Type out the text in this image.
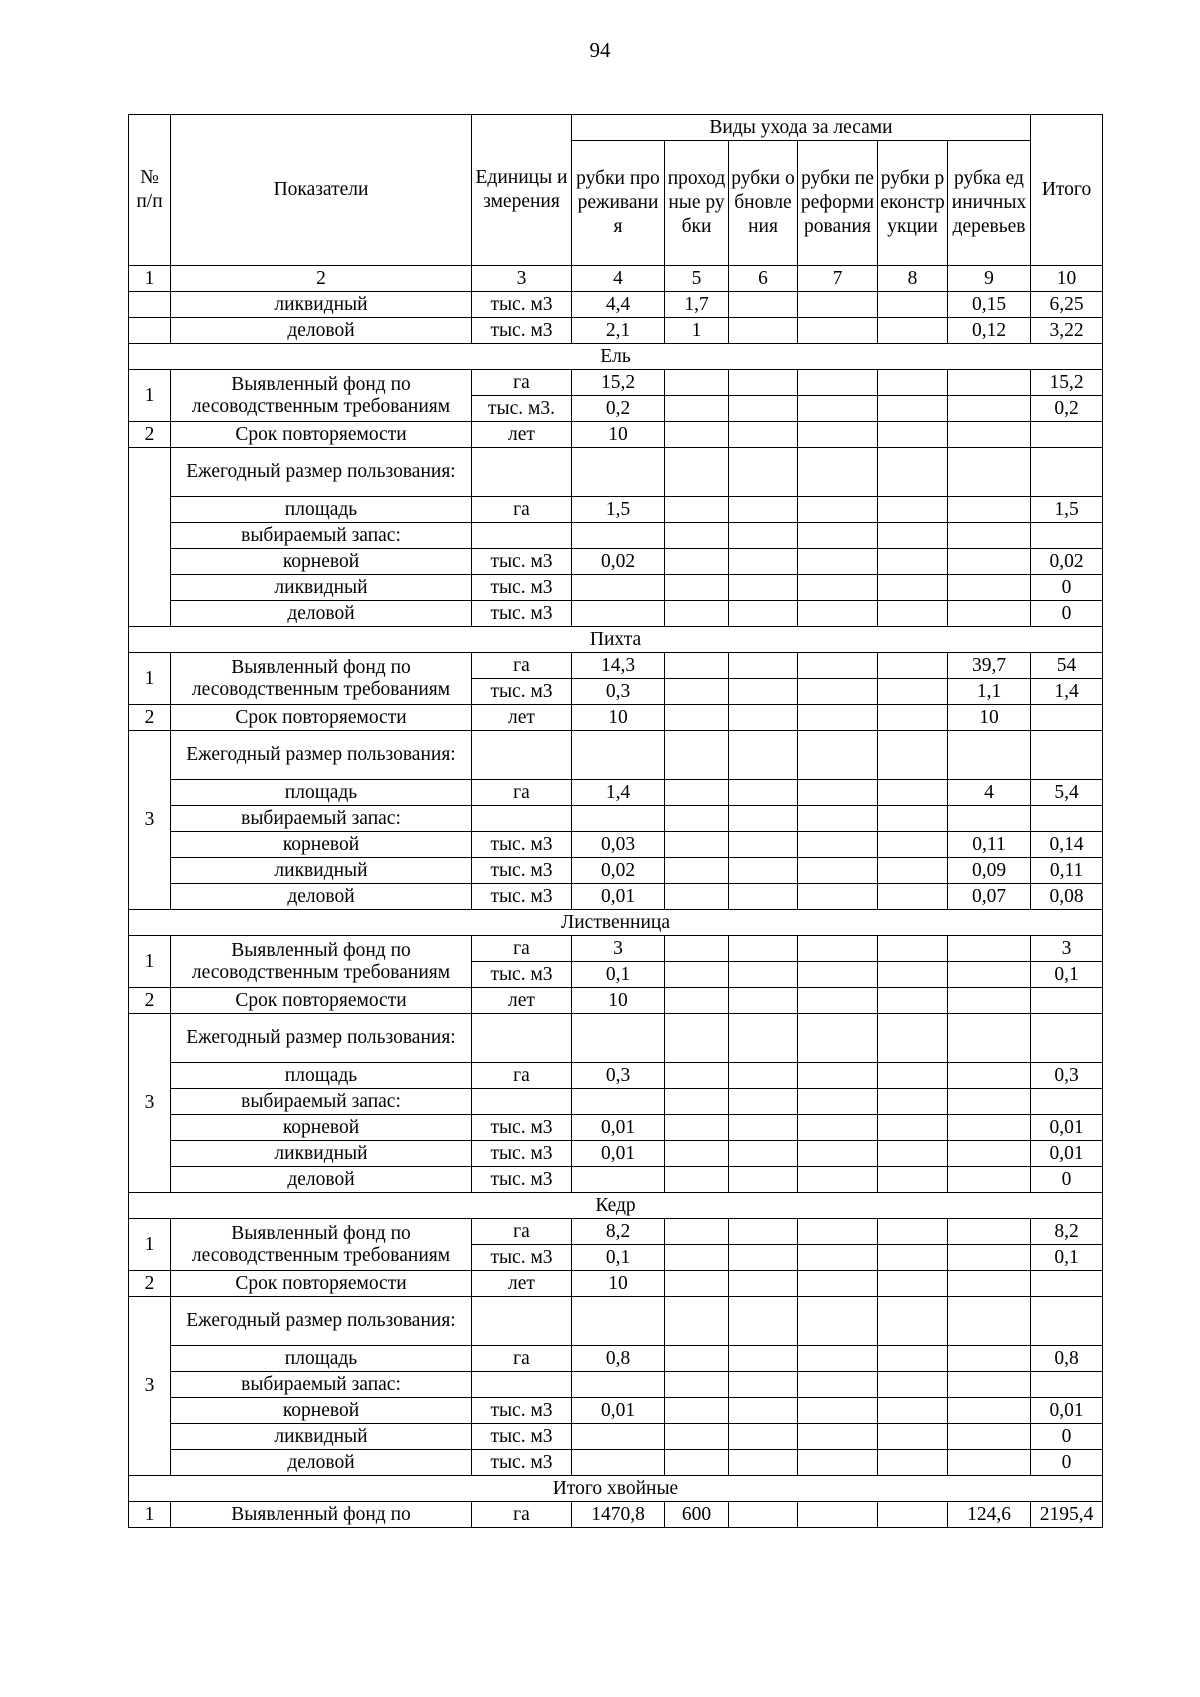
94
№ п/п	Показатели	Единицы измерения	Виды ухода за лесами						Итого
			рубки прореживания	проходные рубки	рубки обновления	рубки переформирования	рубки реконструкции	рубка единичных деревьев	
1	2	3	4	5	6	7	8	9	10
	ликвидный	тыс. м3	4,4	1,7				0,15	6,25
	деловой	тыс. м3	2,1	1				0,12	3,22
Ель									
1	Выявленный фонд по лесоводственным требованиям	га	15,2						15,2
		тыс. м3.	0,2						0,2
2	Срок повторяемости	лет	10						
	Ежегодный размер пользования:								
	площадь	га	1,5						1,5
	выбираемый запас:								
	корневой	тыс. м3	0,02						0,02
	ликвидный	тыс. м3							0
	деловой	тыс. м3							0
Пихта									
1	Выявленный фонд по лесоводственным требованиям	га	14,3					39,7	54
		тыс. м3	0,3					1,1	1,4
2	Срок повторяемости	лет	10					10	
3	Ежегодный размер пользования:								
	площадь	га	1,4					4	5,4
	выбираемый запас:								
	корневой	тыс. м3	0,03					0,11	0,14
	ликвидный	тыс. м3	0,02					0,09	0,11
	деловой	тыс. м3	0,01					0,07	0,08
Лиственница									
1	Выявленный фонд по лесоводственным требованиям	га	3						3
		тыс. м3	0,1						0,1
2	Срок повторяемости	лет	10						
3	Ежегодный размер пользования:								
	площадь	га	0,3						0,3
	выбираемый запас:								
	корневой	тыс. м3	0,01						0,01
	ликвидный	тыс. м3	0,01						0,01
	деловой	тыс. м3							0
Кедр									
1	Выявленный фонд по лесоводственным требованиям	га	8,2						8,2
		тыс. м3	0,1						0,1
2	Срок повторяемости	лет	10						
3	Ежегодный размер пользования:								
	площадь	га	0,8						0,8
	выбираемый запас:								
	корневой	тыс. м3	0,01						0,01
	ликвидный	тыс. м3							0
	деловой	тыс. м3							0
Итого хвойные									
1	Выявленный фонд по	га	1470,8	600				124,6	2195,4
